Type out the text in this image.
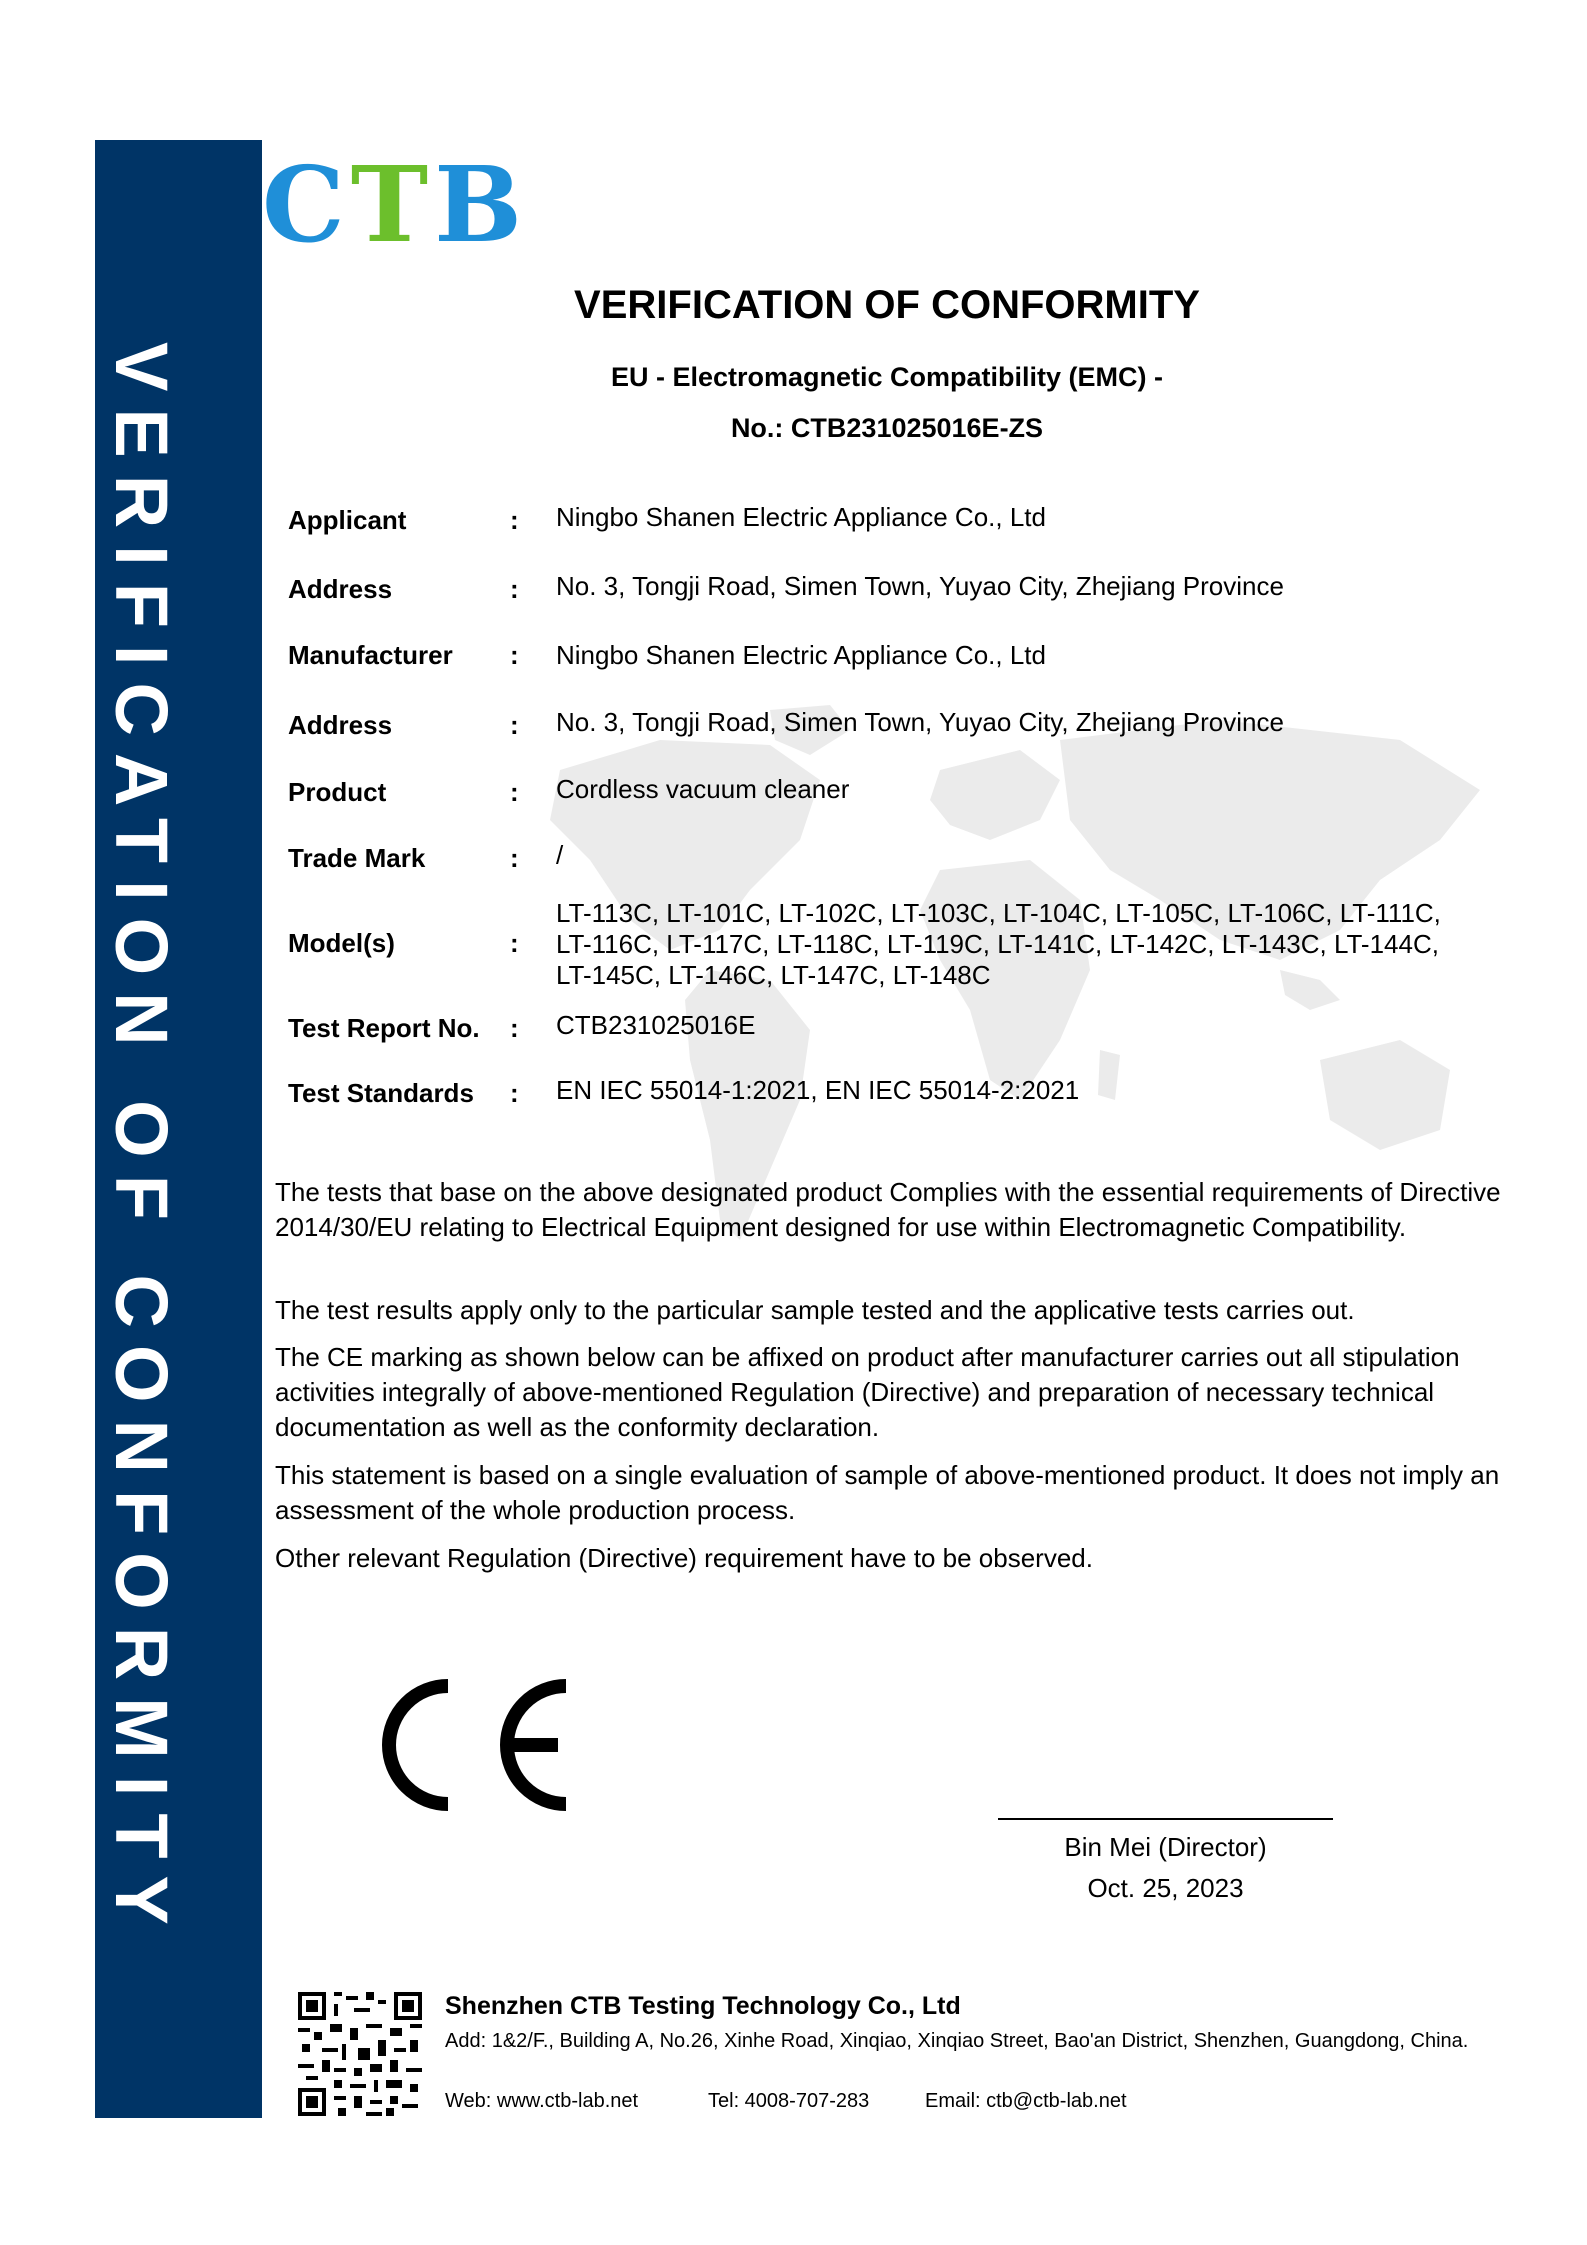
VERIFICATION OF CONFORMITY
C T B
VERIFICATION OF CONFORMITY
EU - Electromagnetic Compatibility (EMC) -
No.: CTB231025016E-ZS
Applicant	: Ningbo Shanen Electric Appliance Co., Ltd
Address	: No. 3, Tongji Road, Simen Town, Yuyao City, Zhejiang Province
Manufacturer : Ningbo Shanen Electric Appliance Co., Ltd
Address	: No. 3, Tongji Road, Simen Town, Yuyao City, Zhejiang Province
Product	: Cordless vacuum cleaner
Trade Mark	: /
Model(s)	:
LT-113C, LT-101C, LT-102C, LT-103C, LT-104C, LT-105C, LT-106C, LT-111C,
LT-116C, LT-117C, LT-118C, LT-119C, LT-141C, LT-142C, LT-143C, LT-144C,
LT-145C, LT-146C, LT-147C, LT-148C
Test Report No. : CTB231025016E
Test Standards : EN IEC 55014-1:2021, EN IEC 55014-2:2021

The tests that base on the above designated product Complies with the essential requirements of Directive 2014/30/EU relating to Electrical Equipment designed for use within Electromagnetic Compatibility.

The test results apply only to the particular sample tested and the applicative tests carries out.

The CE marking as shown below can be affixed on product after manufacturer carries out all stipulation activities integrally of above-mentioned Regulation (Directive) and preparation of necessary technical documentation as well as the conformity declaration.

This statement is based on a single evaluation of sample of above-mentioned product. It does not imply an assessment of the whole production process.

Other relevant Regulation (Directive) requirement have to be observed.

Bin Mei (Director)
Oct. 25, 2023
Shenzhen CTB Testing Technology Co., Ltd
Add: 1&2/F., Building A, No.26, Xinhe Road, Xinqiao, Xinqiao Street, Bao'an District, Shenzhen, Guangdong, China.
Web: www.ctb-lab.net	Tel: 4008-707-283	Email: ctb@ctb-lab.net
